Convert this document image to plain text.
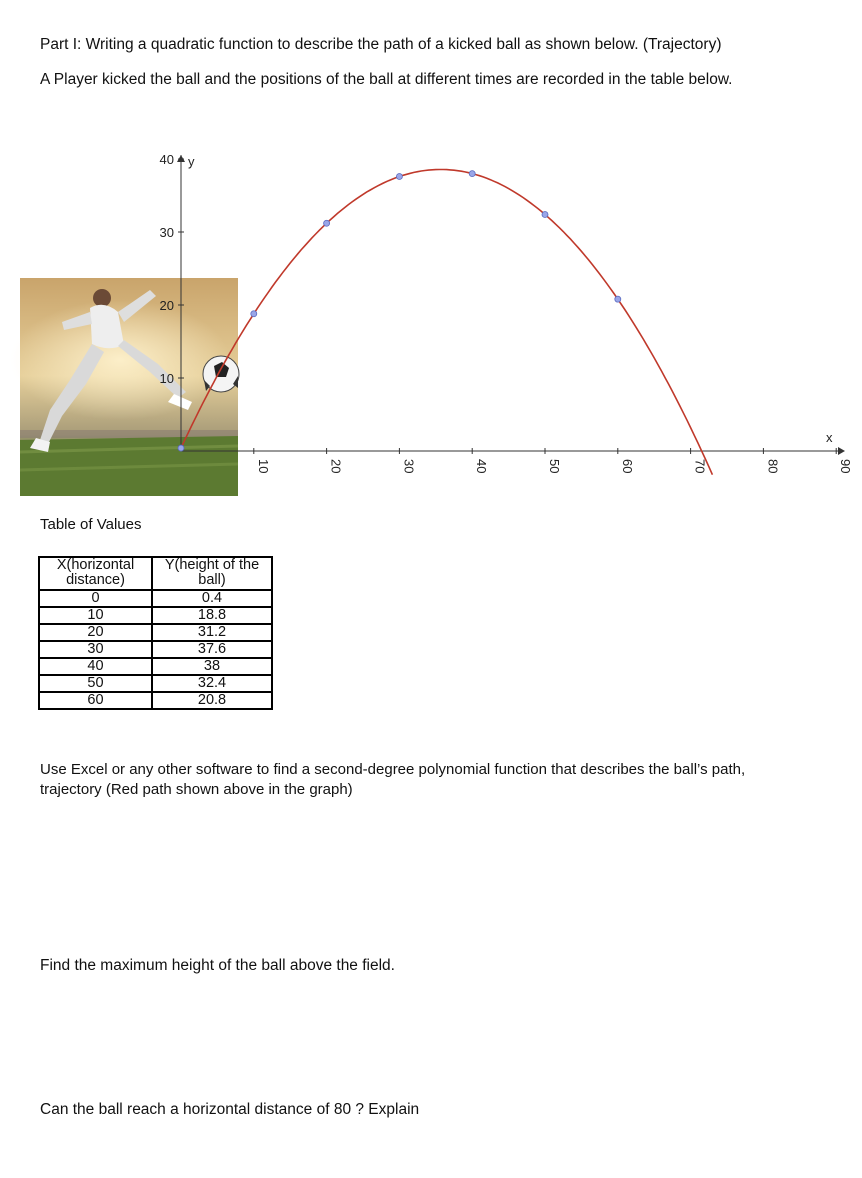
Part I: Writing a quadratic function to describe the path of a kicked ball as shown below. (Trajectory)

A Player kicked the ball and the positions of the ball at different times are recorded in the table below.

x
y
10	20	30	40	50	60	70	80	90
10
20
30
40
Table of Values
X(horizontal distance)	Y(height of the ball)
0	0.4
10	18.8
20	31.2
30	37.6
40	38
50	32.4
60	20.8

Use Excel or any other software to find a second-degree polynomial function that describes the ball’s path, trajectory (Red path shown above in the graph)

Find the maximum height of the ball above the field.

Can the ball reach a horizontal distance of 80 ? Explain
